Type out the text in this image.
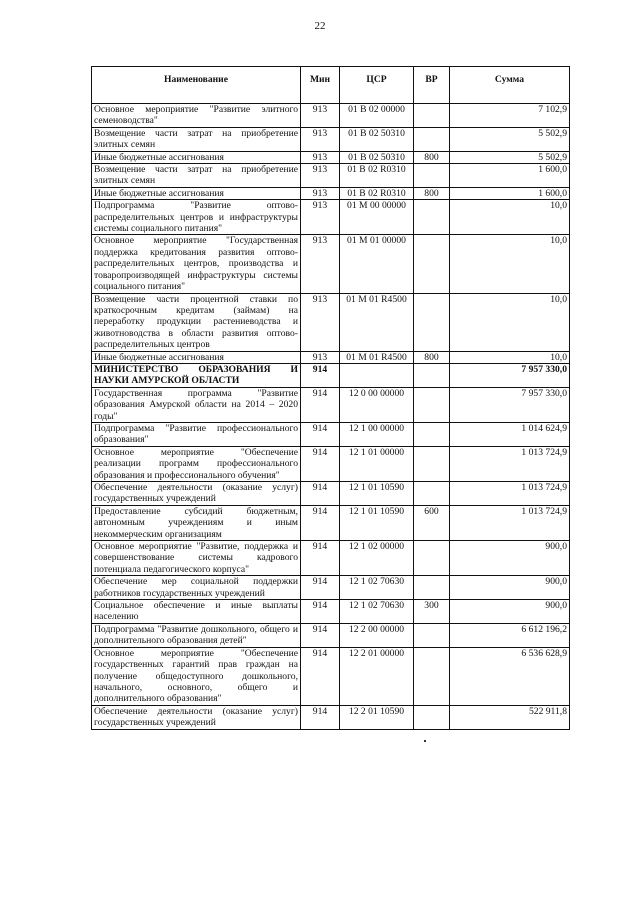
22
Наименование	Мин	ЦСР	ВР	Сумма
Основное мероприятие "Развитие элитного семеноводства"	913	01 В 02 00000		7 102,9
Возмещение части затрат на приобретение элитных семян	913	01 В 02 50310		5 502,9
Иные бюджетные ассигнования	913	01 В 02 50310	800	5 502,9
Возмещение части затрат на приобретение элитных семян	913	01 В 02 R0310		1 600,0
Иные бюджетные ассигнования	913	01 В 02 R0310	800	1 600,0
Подпрограмма "Развитие оптово-распределительных центров и инфраструктуры системы социального питания"	913	01 М 00 00000		10,0
Основное мероприятие "Государственная поддержка кредитования развития оптово-распределительных центров, производства и товаропроизводящей инфраструктуры системы социального питания"	913	01 М 01 00000		10,0
Возмещение части процентной ставки по краткосрочным кредитам (займам) на переработку продукции растениеводства и животноводства в области развития оптово-распределительных центров	913	01 М 01 R4500		10,0
Иные бюджетные ассигнования	913	01 М 01 R4500	800	10,0
МИНИСТЕРСТВО ОБРАЗОВАНИЯ И НАУКИ АМУРСКОЙ ОБЛАСТИ	914			7 957 330,0
Государственная программа "Развитие образования Амурской области на 2014 – 2020 годы"	914	12 0 00 00000		7 957 330,0
Подпрограмма "Развитие профессионального образования"	914	12 1 00 00000		1 014 624,9
Основное мероприятие "Обеспечение реализации программ профессионального образования и профессионального обучения"	914	12 1 01 00000		1 013 724,9
Обеспечение деятельности (оказание услуг) государственных учреждений	914	12 1 01 10590		1 013 724,9
Предоставление субсидий бюджетным, автономным учреждениям и иным некоммерческим организациям	914	12 1 01 10590	600	1 013 724,9
Основное мероприятие "Развитие, поддержка и совершенствование системы кадрового потенциала педагогического корпуса"	914	12 1 02 00000		900,0
Обеспечение мер социальной поддержки работников государственных учреждений	914	12 1 02 70630		900,0
Социальное обеспечение и иные выплаты населению	914	12 1 02 70630	300	900,0
Подпрограмма "Развитие дошкольного, общего и дополнительного образования детей"	914	12 2 00 00000		6 612 196,2
Основное мероприятие "Обеспечение государственных гарантий прав граждан на получение общедоступного дошкольного, начального, основного, общего и дополнительного образования"	914	12 2 01 00000		6 536 628,9
Обеспечение деятельности (оказание услуг) государственных учреждений	914	12 2 01 10590		522 911,8
